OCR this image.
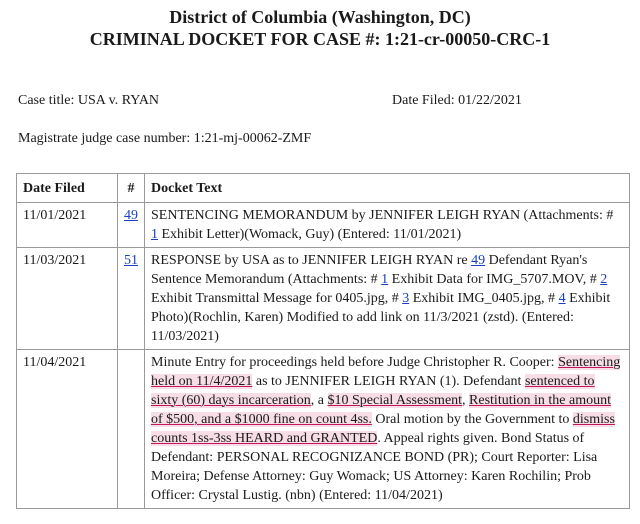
District of Columbia (Washington, DC)
CRIMINAL DOCKET FOR CASE #: 1:21-cr-00050-CRC-1
Case title: USA v. RYAN	Date Filed: 01/22/2021
Magistrate judge case number: 1:21-mj-00062-ZMF
Date Filed	#	Docket Text
11/01/2021	49	SENTENCING MEMORANDUM by JENNIFER LEIGH RYAN (Attachments: # 1 Exhibit Letter)(Womack, Guy) (Entered: 11/01/2021)
11/03/2021	51	RESPONSE by USA as to JENNIFER LEIGH RYAN re 49 Defendant Ryan's Sentence Memorandum (Attachments: # 1 Exhibit Data for IMG_5707.MOV, # 2 Exhibit Transmittal Message for 0405.jpg, # 3 Exhibit IMG_0405.jpg, # 4 Exhibit Photo)(Rochlin, Karen) Modified to add link on 11/3/2021 (zstd). (Entered: 11/03/2021)
11/04/2021		Minute Entry for proceedings held before Judge Christopher R. Cooper: Sentencing held on 11/4/2021 as to JENNIFER LEIGH RYAN (1). Defendant sentenced to sixty (60) days incarceration, a $10 Special Assessment, Restitution in the amount of $500, and a $1000 fine on count 4ss. Oral motion by the Government to dismiss counts 1ss-3ss HEARD and GRANTED. Appeal rights given. Bond Status of Defendant: PERSONAL RECOGNIZANCE BOND (PR); Court Reporter: Lisa Moreira; Defense Attorney: Guy Womack; US Attorney: Karen Rochilin; Prob Officer: Crystal Lustig. (nbn) (Entered: 11/04/2021)
